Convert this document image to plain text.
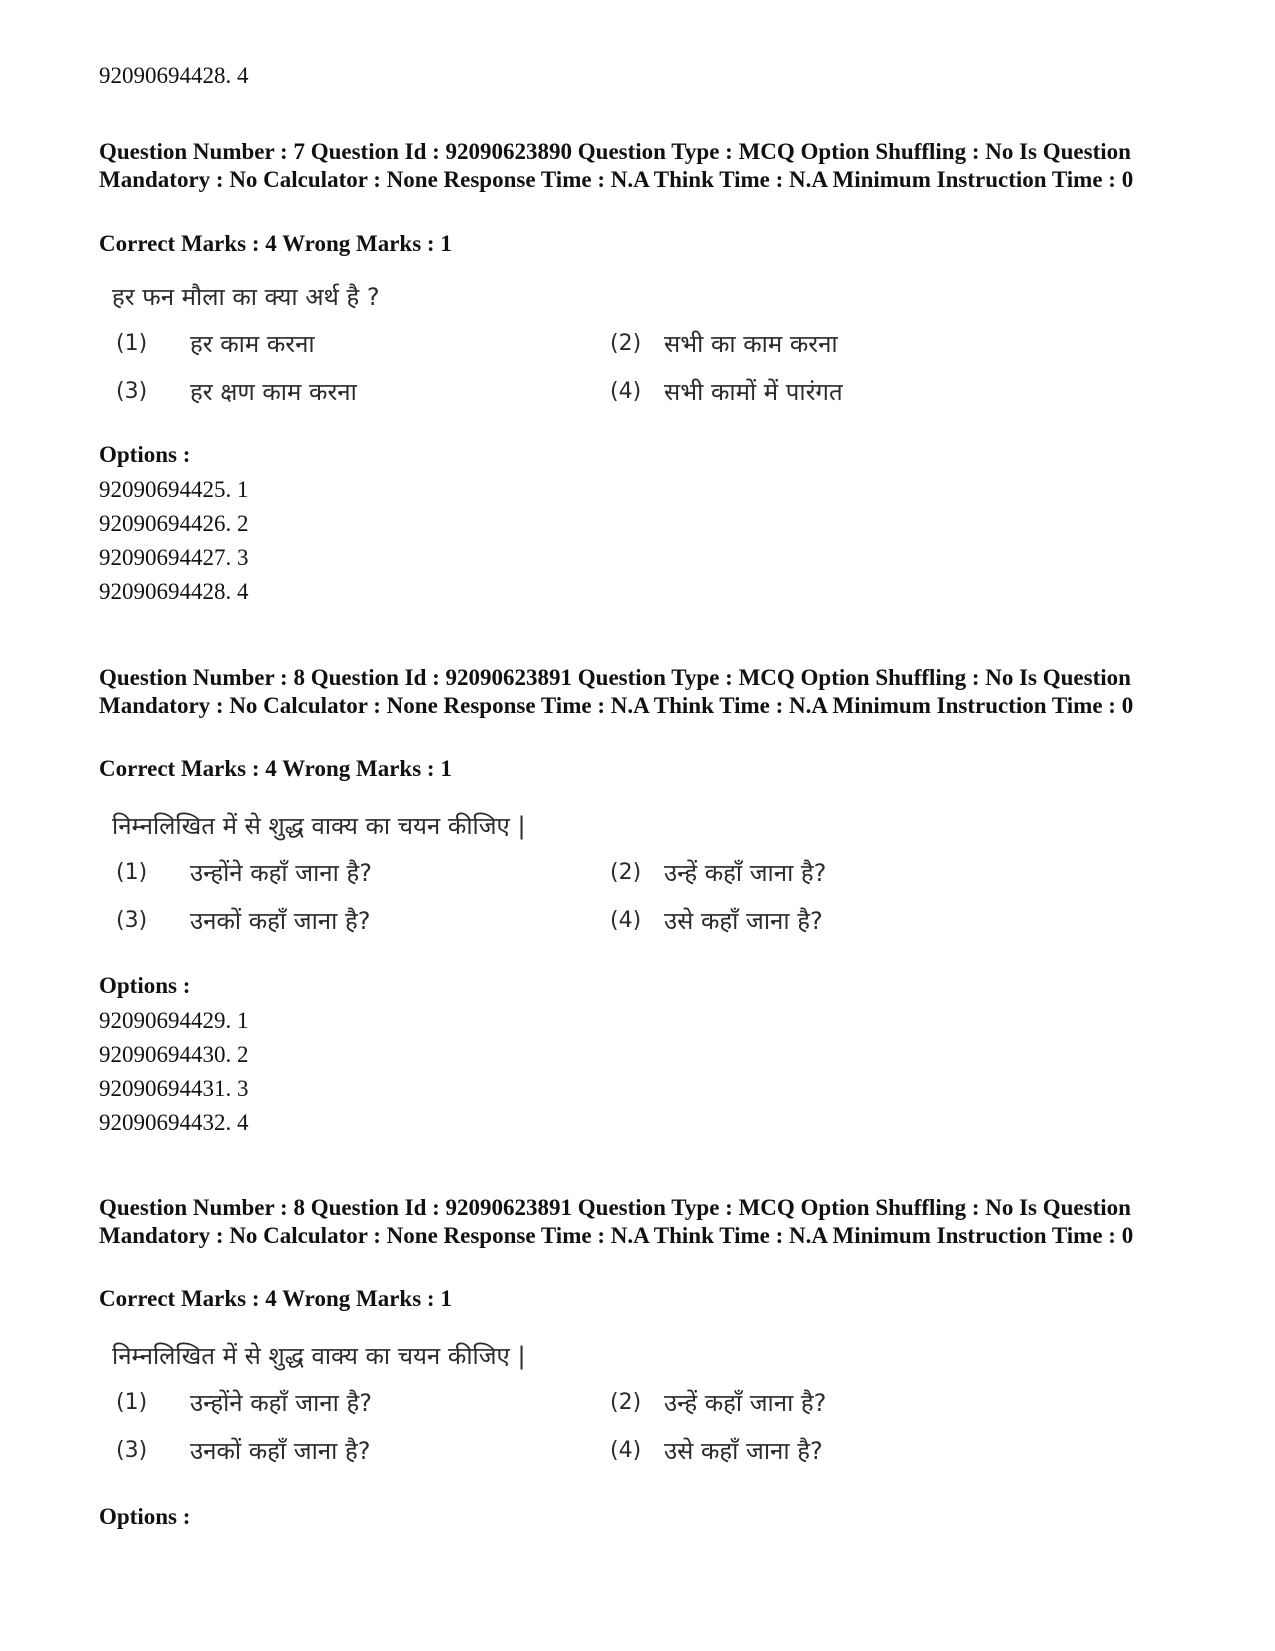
92090694428. 4
Question Number : 7 Question Id : 92090623890 Question Type : MCQ Option Shuffling : No Is Question Mandatory : No Calculator : None Response Time : N.A Think Time : N.A Minimum Instruction Time : 0
Correct Marks : 4 Wrong Marks : 1
हर फन मौला का क्या अर्थ है ?
(1) हर काम करना	(2) सभी का काम करना
(3) हर क्षण काम करना	(4) सभी कामों में पारंगत
Options :
92090694425. 1
92090694426. 2
92090694427. 3
92090694428. 4
Question Number : 8 Question Id : 92090623891 Question Type : MCQ Option Shuffling : No Is Question Mandatory : No Calculator : None Response Time : N.A Think Time : N.A Minimum Instruction Time : 0
Correct Marks : 4 Wrong Marks : 1
निम्नलिखित में से शुद्ध वाक्य का चयन कीजिए |
(1) उन्होंने कहाँ जाना है?	(2) उन्हें कहाँ जाना है?
(3) उनकों कहाँ जाना है?	(4) उसे कहाँ जाना है?
Options :
92090694429. 1
92090694430. 2
92090694431. 3
92090694432. 4
Question Number : 8 Question Id : 92090623891 Question Type : MCQ Option Shuffling : No Is Question Mandatory : No Calculator : None Response Time : N.A Think Time : N.A Minimum Instruction Time : 0
Correct Marks : 4 Wrong Marks : 1
निम्नलिखित में से शुद्ध वाक्य का चयन कीजिए |
(1) उन्होंने कहाँ जाना है?	(2) उन्हें कहाँ जाना है?
(3) उनकों कहाँ जाना है?	(4) उसे कहाँ जाना है?
Options :
